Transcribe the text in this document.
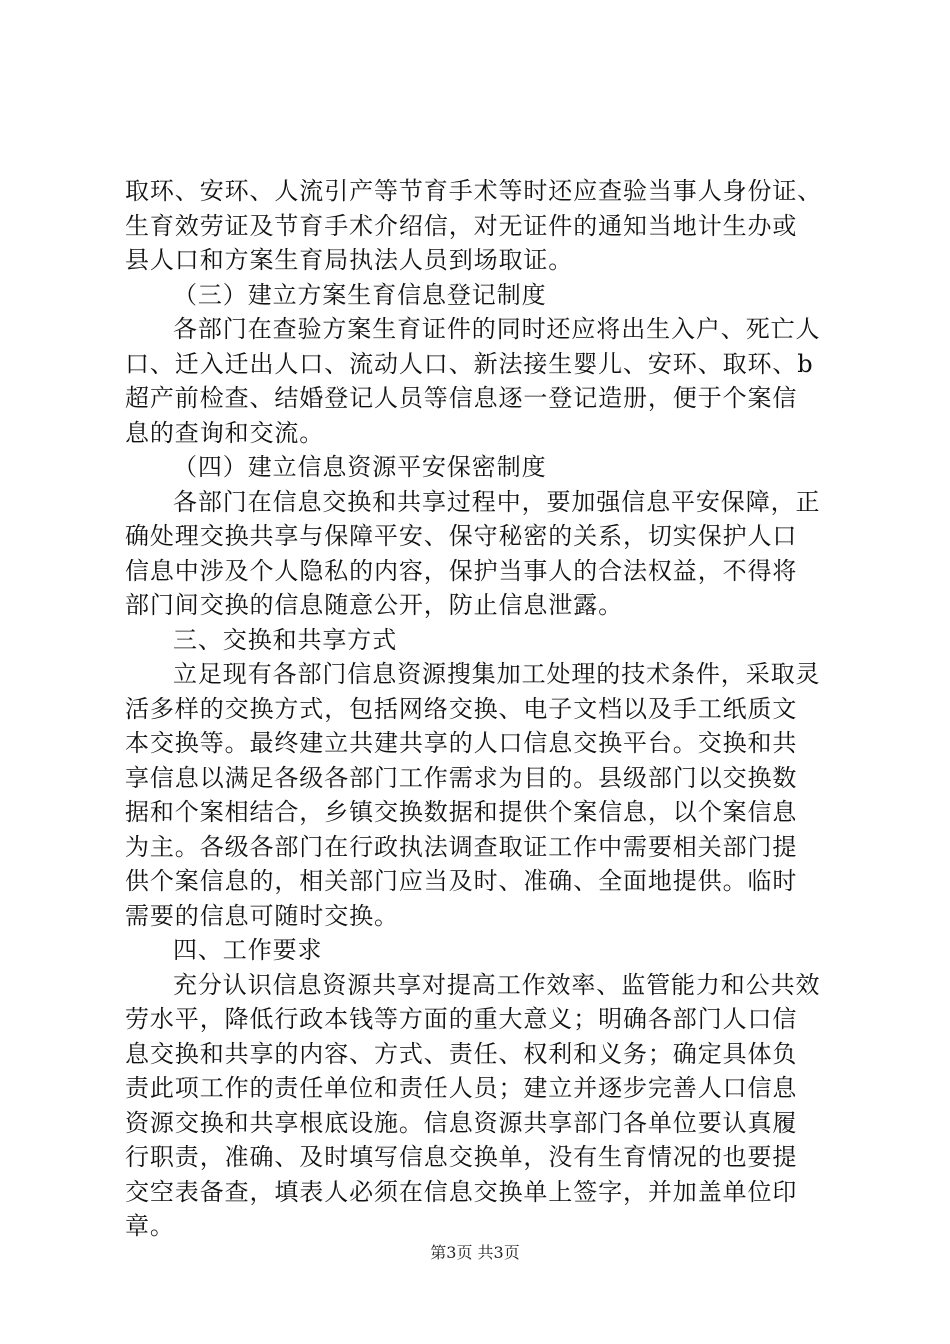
取环、安环、人流引产等节育手术等时还应查验当事人身份证、
生育效劳证及节育手术介绍信，对无证件的通知当地计生办或
县人口和方案生育局执法人员到场取证。
（三）建立方案生育信息登记制度
各部门在查验方案生育证件的同时还应将出生入户、死亡人
口、迁入迁出人口、流动人口、新法接生婴儿、安环、取环、b
超产前检查、结婚登记人员等信息逐一登记造册，便于个案信
息的查询和交流。
（四）建立信息资源平安保密制度
各部门在信息交换和共享过程中，要加强信息平安保障，正
确处理交换共享与保障平安、保守秘密的关系，切实保护人口
信息中涉及个人隐私的内容，保护当事人的合法权益，不得将
部门间交换的信息随意公开，防止信息泄露。
三、交换和共享方式
立足现有各部门信息资源搜集加工处理的技术条件，采取灵
活多样的交换方式，包括网络交换、电子文档以及手工纸质文
本交换等。最终建立共建共享的人口信息交换平台。交换和共
享信息以满足各级各部门工作需求为目的。县级部门以交换数
据和个案相结合，乡镇交换数据和提供个案信息，以个案信息
为主。各级各部门在行政执法调查取证工作中需要相关部门提
供个案信息的，相关部门应当及时、准确、全面地提供。临时
需要的信息可随时交换。
四、工作要求
充分认识信息资源共享对提高工作效率、监管能力和公共效
劳水平，降低行政本钱等方面的重大意义；明确各部门人口信
息交换和共享的内容、方式、责任、权利和义务；确定具体负
责此项工作的责任单位和责任人员；建立并逐步完善人口信息
资源交换和共享根底设施。信息资源共享部门各单位要认真履
行职责，准确、及时填写信息交换单，没有生育情况的也要提
交空表备查，填表人必须在信息交换单上签字，并加盖单位印
章。
第3页 共3页
